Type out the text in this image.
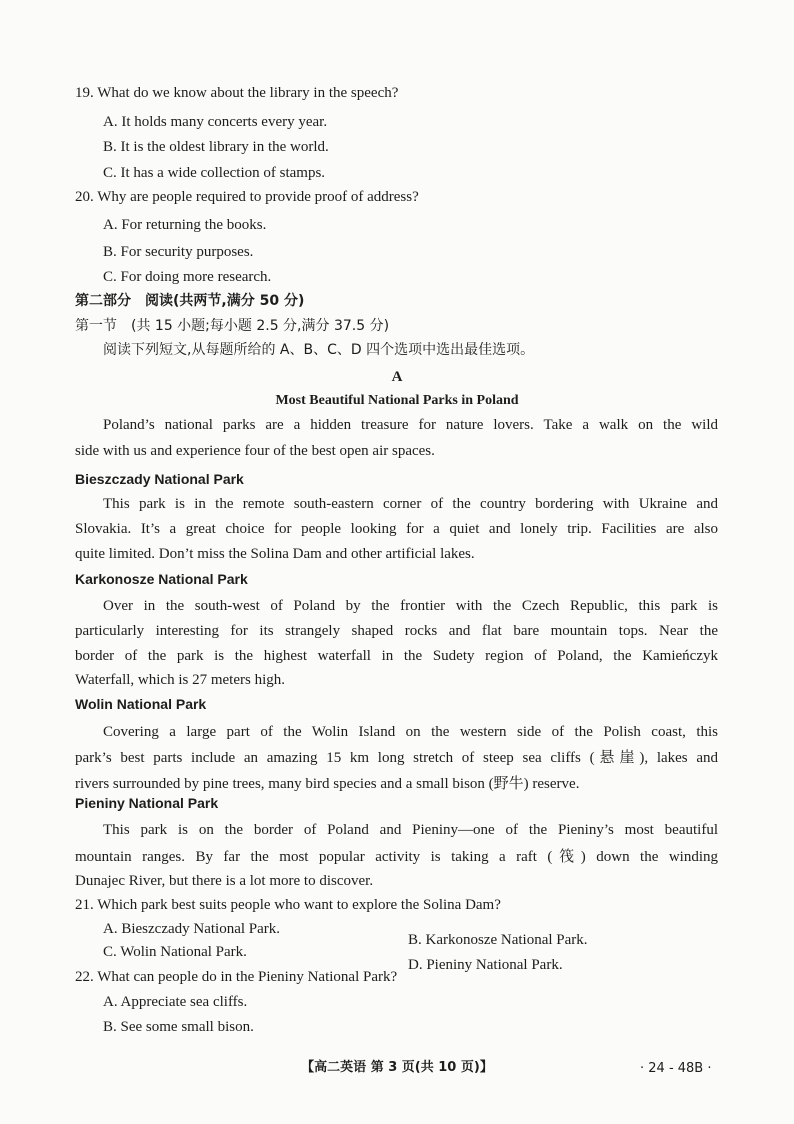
19. What do we know about the library in the speech?
A. It holds many concerts every year.
B. It is the oldest library in the world.
C. It has a wide collection of stamps.
20. Why are people required to provide proof of address?
A. For returning the books.
B. For security purposes.
C. For doing more research.
第二部分　阅读(共两节,满分 50 分)
第一节　(共 15 小题;每小题 2.5 分,满分 37.5 分)
阅读下列短文,从每题所给的 A、B、C、D 四个选项中选出最佳选项。
A
Most Beautiful National Parks in Poland
Poland’s national parks are a hidden treasure for nature lovers. Take a walk on the wild
side with us and experience four of the best open air spaces.
Bieszczady National Park
This park is in the remote south-eastern corner of the country bordering with Ukraine and
Slovakia. It’s a great choice for people looking for a quiet and lonely trip. Facilities are also
quite limited. Don’t miss the Solina Dam and other artificial lakes.
Karkonosze National Park
Over in the south-west of Poland by the frontier with the Czech Republic, this park is
particularly interesting for its strangely shaped rocks and flat bare mountain tops. Near the
border of the park is the highest waterfall in the Sudety region of Poland, the Kamieńczyk
Waterfall, which is 27 meters high.
Wolin National Park
Covering a large part of the Wolin Island on the western side of the Polish coast, this
park’s best parts include an amazing 15 km long stretch of steep sea cliffs (悬崖), lakes and
rivers surrounded by pine trees, many bird species and a small bison (野牛) reserve.
Pieniny National Park
This park is on the border of Poland and Pieniny—one of the Pieniny’s most beautiful
mountain ranges. By far the most popular activity is taking a raft (筏) down the winding
Dunajec River, but there is a lot more to discover.
21. Which park best suits people who want to explore the Solina Dam?
A. Bieszczady National Park.
B. Karkonosze National Park.
C. Wolin National Park.
D. Pieniny National Park.
22. What can people do in the Pieniny National Park?
A. Appreciate sea cliffs.
B. See some small bison.
【高二英语 第 3 页(共 10 页)】	· 24 - 48B ·
